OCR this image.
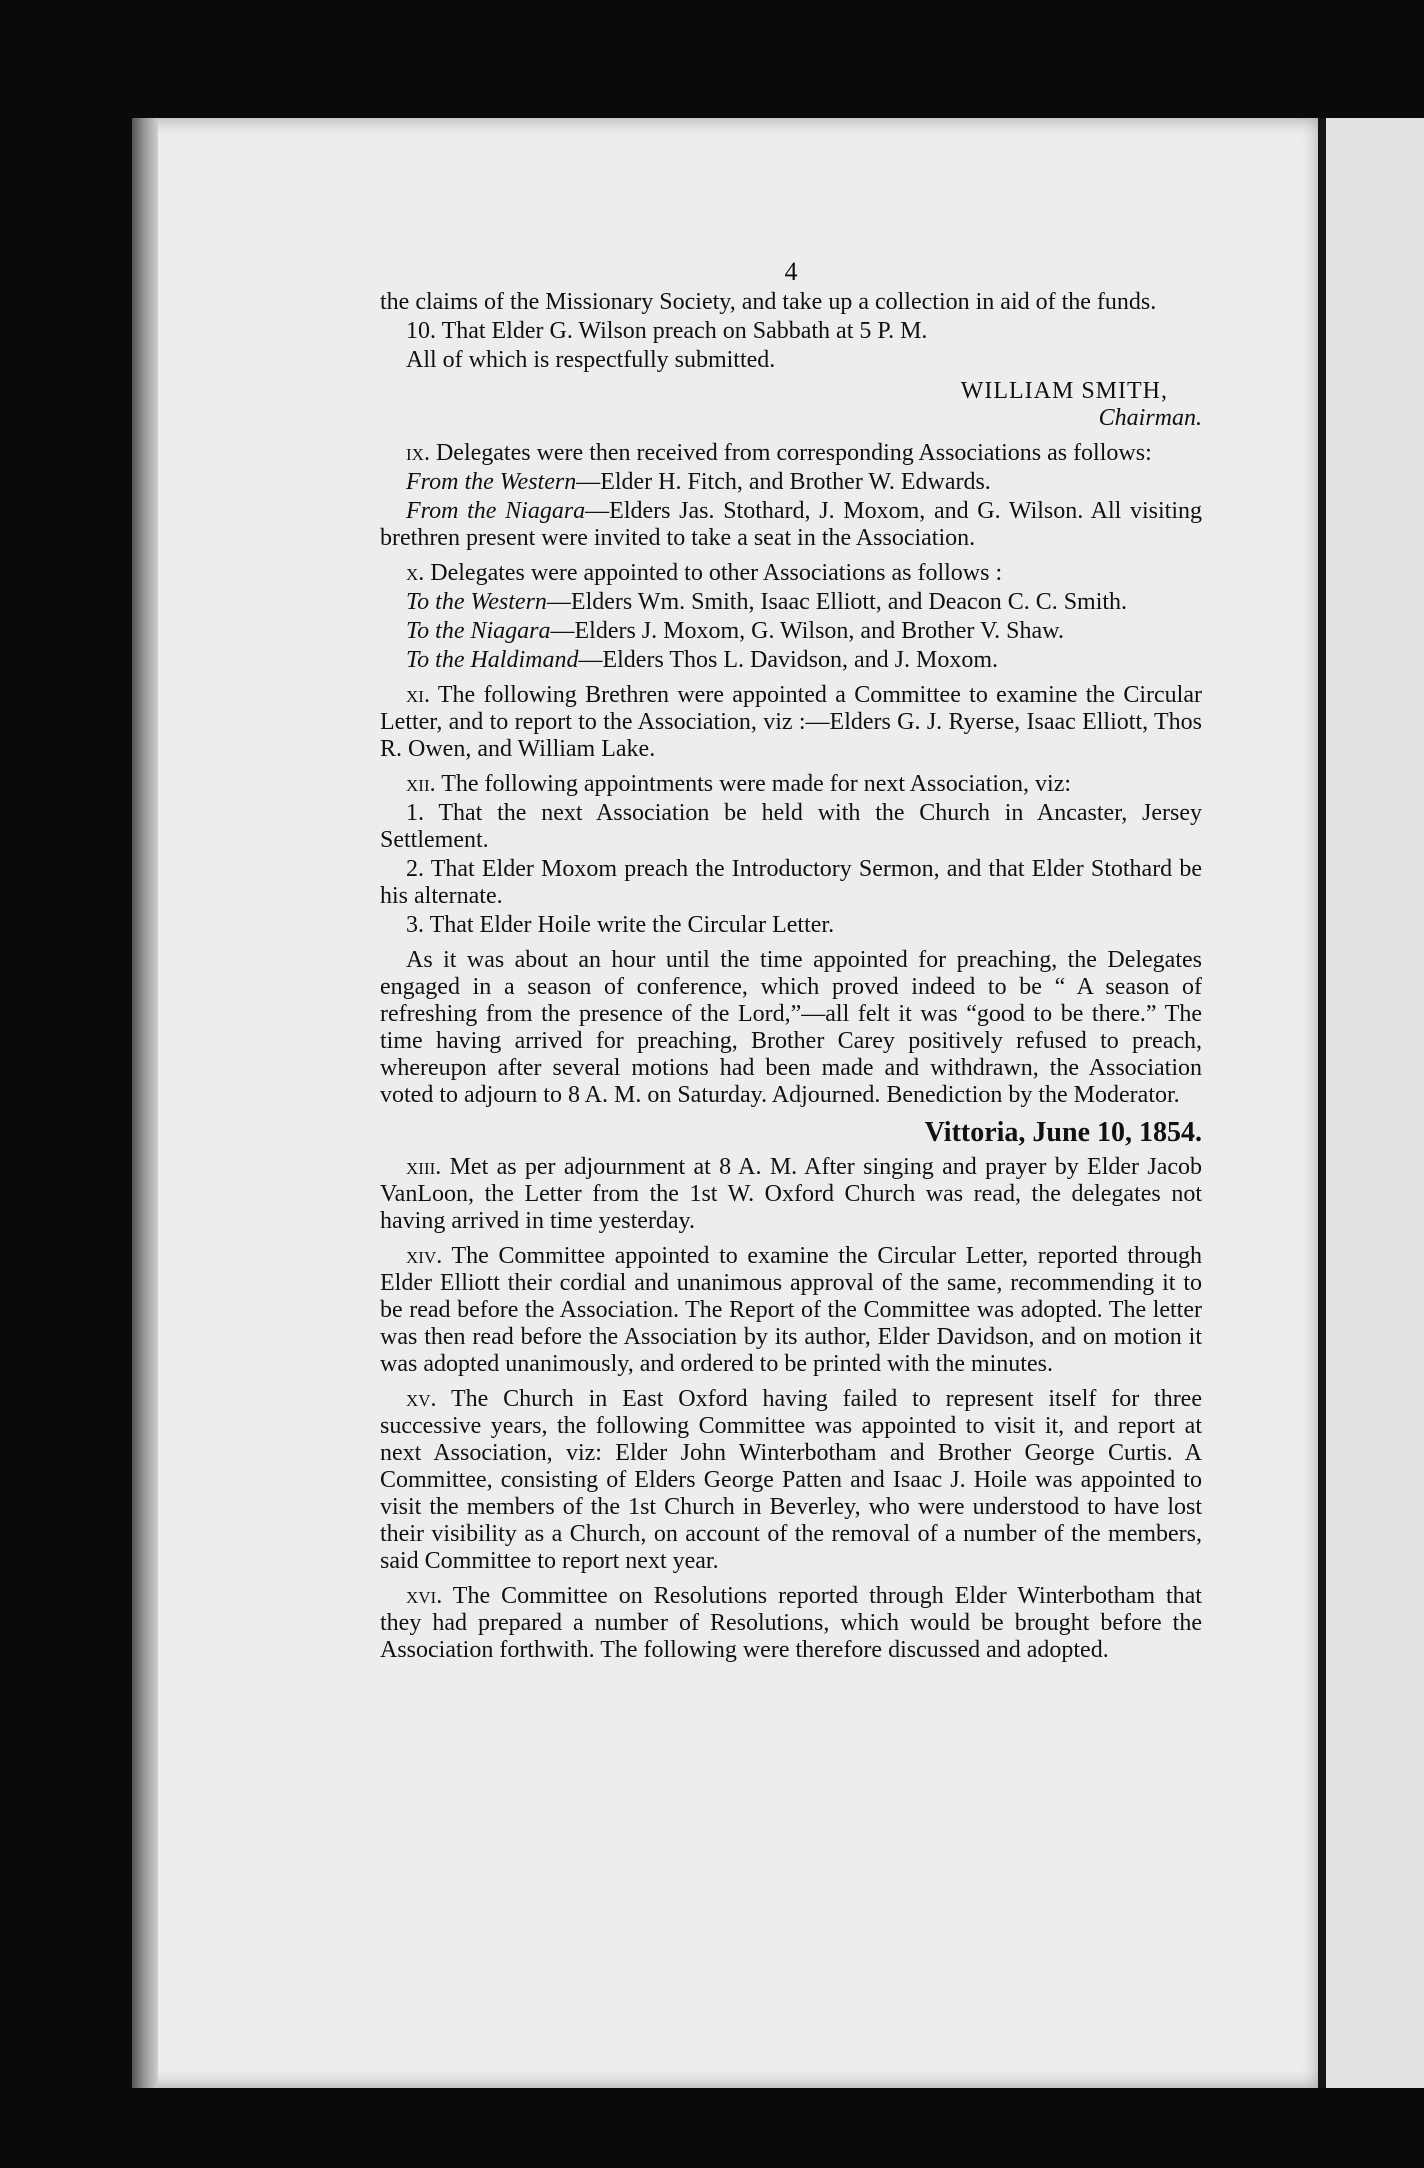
4

the claims of the Missionary Society, and take up a collection in aid of the funds.

10. That Elder G. Wilson preach on Sabbath at 5 P. M.

All of which is respectfully submitted.

WILLIAM SMITH,
Chairman.

ix. Delegates were then received from corresponding Associations as follows:

From the Western—Elder H. Fitch, and Brother W. Edwards.

From the Niagara—Elders Jas. Stothard, J. Moxom, and G. Wilson. All visiting brethren present were invited to take a seat in the Association.

x. Delegates were appointed to other Associations as follows :

To the Western—Elders Wm. Smith, Isaac Elliott, and Deacon C. C. Smith.

To the Niagara—Elders J. Moxom, G. Wilson, and Brother V. Shaw.

To the Haldimand—Elders Thos L. Davidson, and J. Moxom.

xi. The following Brethren were appointed a Committee to examine the Circular Letter, and to report to the Association, viz :—Elders G. J. Ryerse, Isaac Elliott, Thos R. Owen, and William Lake.

xii. The following appointments were made for next Association, viz:

1. That the next Association be held with the Church in Ancaster, Jersey Settlement.

2. That Elder Moxom preach the Introductory Sermon, and that Elder Stothard be his alternate.

3. That Elder Hoile write the Circular Letter.

As it was about an hour until the time appointed for preaching, the Delegates engaged in a season of conference, which proved indeed to be “ A season of refreshing from the presence of the Lord,”—all felt it was “good to be there.” The time having arrived for preaching, Brother Carey positively refused to preach, whereupon after several motions had been made and withdrawn, the Association voted to adjourn to 8 A. M. on Saturday. Adjourned. Benediction by the Moderator.

Vittoria, June 10, 1854.

xiii. Met as per adjournment at 8 A. M. After singing and prayer by Elder Jacob VanLoon, the Letter from the 1st W. Oxford Church was read, the delegates not having arrived in time yesterday.

xiv. The Committee appointed to examine the Circular Letter, reported through Elder Elliott their cordial and unanimous approval of the same, recommending it to be read before the Association. The Report of the Committee was adopted. The letter was then read before the Association by its author, Elder Davidson, and on motion it was adopted unanimously, and ordered to be printed with the minutes.

xv. The Church in East Oxford having failed to represent itself for three successive years, the following Committee was appointed to visit it, and report at next Association, viz: Elder John Winterbotham and Brother George Curtis. A Committee, consisting of Elders George Patten and Isaac J. Hoile was appointed to visit the members of the 1st Church in Beverley, who were understood to have lost their visibility as a Church, on account of the removal of a number of the members, said Committee to report next year.

xvi. The Committee on Resolutions reported through Elder Winterbotham that they had prepared a number of Resolutions, which would be brought before the Association forthwith. The following were therefore discussed and adopted.
